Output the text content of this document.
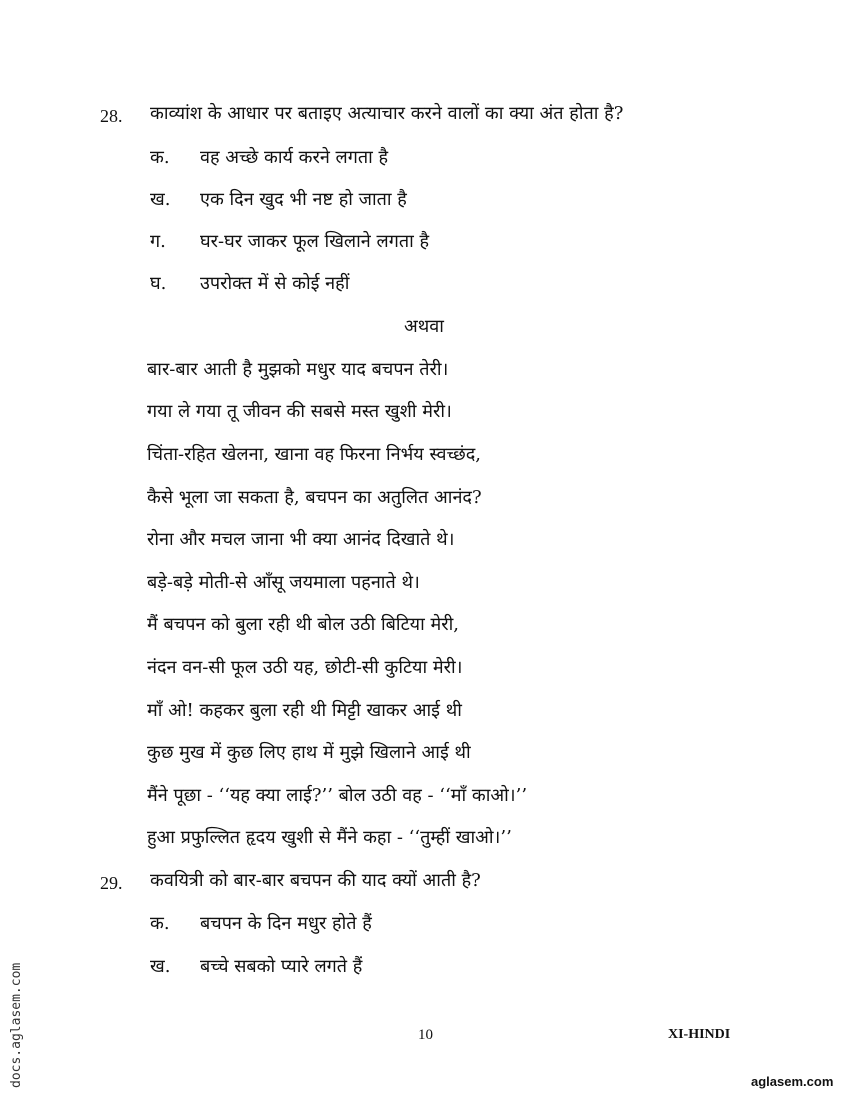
28. काव्यांश के आधार पर बताइए अत्याचार करने वालों का क्या अंत होता है?
क. वह अच्छे कार्य करने लगता है
ख. एक दिन खुद भी नष्ट हो जाता है
ग. घर-घर जाकर फूल खिलाने लगता है
घ. उपरोक्त में से कोई नहीं
अथवा
बार-बार आती है मुझको मधुर याद बचपन तेरी।
गया ले गया तू जीवन की सबसे मस्त खुशी मेरी।
चिंता-रहित खेलना, खाना वह फिरना निर्भय स्वच्छंद,
कैसे भूला जा सकता है, बचपन का अतुलित आनंद?
रोना और मचल जाना भी क्या आनंद दिखाते थे।
बड़े-बड़े मोती-से आँसू जयमाला पहनाते थे।
मैं बचपन को बुला रही थी बोल उठी बिटिया मेरी,
नंदन वन-सी फूल उठी यह, छोटी-सी कुटिया मेरी।
माँ ओ! कहकर बुला रही थी मिट्टी खाकर आई थी
कुछ मुख में कुछ लिए हाथ में मुझे खिलाने आई थी
मैंने पूछा - ‘‘यह क्या लाई?’’ बोल उठी वह - ‘‘माँ काओ।’’
हुआ प्रफुल्लित हृदय खुशी से मैंने कहा - ‘‘तुम्हीं खाओ।’’
29. कवयित्री को बार-बार बचपन की याद क्यों आती है?
क. बचपन के दिन मधुर होते हैं
ख. बच्चे सबको प्यारे लगते हैं
10	XI-HINDI
docs.aglasem.com	aglasem.com
